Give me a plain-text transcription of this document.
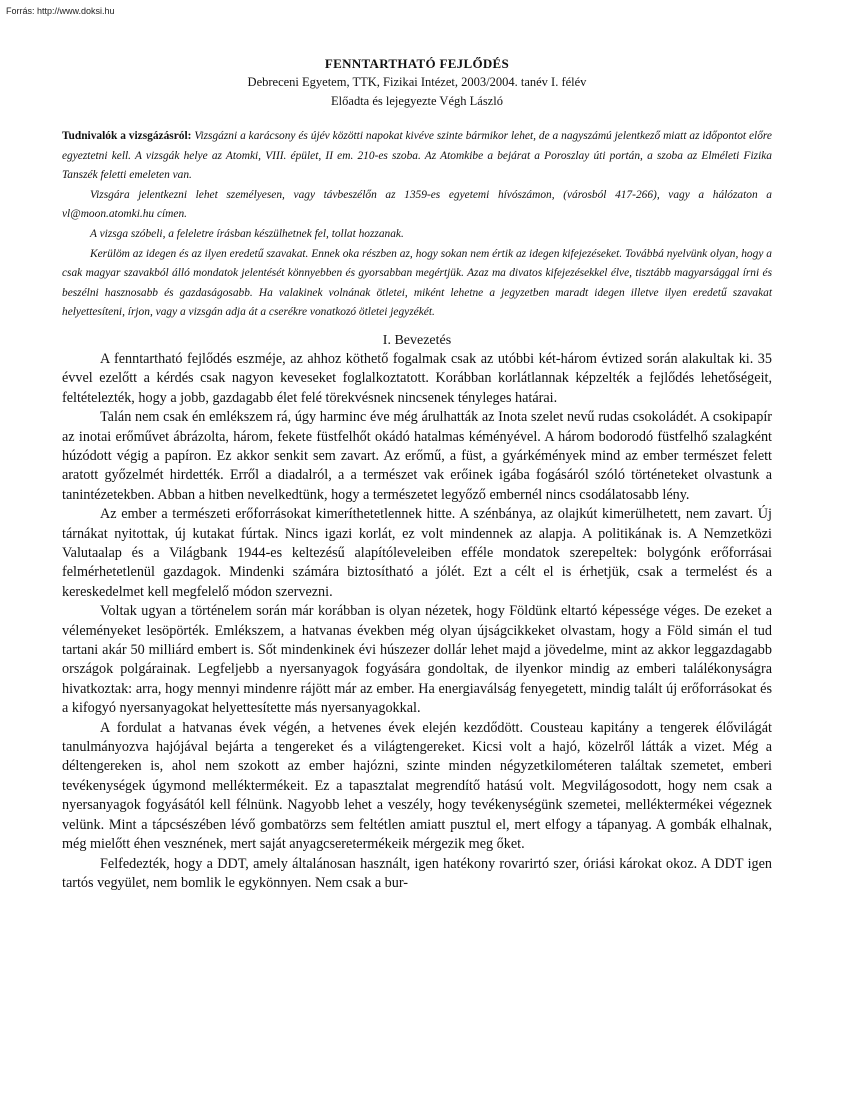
Forrás: http://www.doksi.hu

FENNTARTHATÓ FEJLŐDÉS

Debreceni Egyetem, TTK, Fizikai Intézet, 2003/2004. tanév I. félév

Előadta és lejegyezte Végh László

Tudnivalók a vizsgázásról: Vizsgázni a karácsony és újév közötti napokat kivéve szinte bármikor lehet, de a nagyszámú jelentkező miatt az időpontot előre egyeztetni kell. A vizsgák helye az Atomki, VIII. épület, II em. 210-es szoba. Az Atomkibe a bejárat a Poroszlay úti portán, a szoba az Elméleti Fizika Tanszék feletti emeleten van.

Vizsgára jelentkezni lehet személyesen, vagy távbeszélőn az 1359-es egyetemi hívószámon, (városból 417-266), vagy a hálózaton a vl@moon.atomki.hu címen.

A vizsga szóbeli, a feleletre írásban készülhetnek fel, tollat hozzanak.

Kerülöm az idegen és az ilyen eredetű szavakat. Ennek oka részben az, hogy sokan nem értik az idegen kifejezéseket. Továbbá nyelvünk olyan, hogy a csak magyar szavakból álló mondatok jelentését könnyebben és gyorsabban megértjük. Azaz ma divatos kifejezésekkel élve, tisztább magyarsággal írni és beszélni hasznosabb és gazdaságosabb. Ha valakinek volnának ötletei, miként lehetne a jegyzetben maradt idegen illetve ilyen eredetű szavakat helyettesíteni, írjon, vagy a vizsgán adja át a cserékre vonatkozó ötletei jegyzékét.

I. Bevezetés

A fenntartható fejlődés eszméje, az ahhoz köthető fogalmak csak az utóbbi két-három évtized során alakultak ki. 35 évvel ezelőtt a kérdés csak nagyon keveseket foglalkoztatott. Korábban korlátlannak képzelték a fejlődés lehetőségeit, feltételezték, hogy a jobb, gazdagabb élet felé törekvésnek nincsenek tényleges határai.

Talán nem csak én emlékszem rá, úgy harminc éve még árulhatták az Inota szelet nevű rudas csokoládét. A csokipapír az inotai erőművet ábrázolta, három, fekete füstfelhőt okádó hatalmas kéményével. A három bodorodó füstfelhő szalagként húzódott végig a papíron. Ez akkor senkit sem zavart. Az erőmű, a füst, a gyárkémények mind az ember természet felett aratott győzelmét hirdették. Erről a diadalról, a a természet vak erőinek igába fogásáról szóló történeteket olvastunk a tanintézetekben. Abban a hitben nevelkedtünk, hogy a természetet legyőző embernél nincs csodálatosabb lény.

Az ember a természeti erőforrásokat kimeríthetetlennek hitte. A szénbánya, az olajkút kimerülhetett, nem zavart. Új tárnákat nyitottak, új kutakat fúrtak. Nincs igazi korlát, ez volt mindennek az alapja. A politikának is. A Nemzetközi Valutaalap és a Világbank 1944-es keltezésű alapítóleveleiben efféle mondatok szerepeltek: bolygónk erőforrásai felmérhetetlenül gazdagok. Mindenki számára biztosítható a jólét. Ezt a célt el is érhetjük, csak a termelést és a kereskedelmet kell megfelelő módon szervezni.

Voltak ugyan a történelem során már korábban is olyan nézetek, hogy Földünk eltartó képessége véges. De ezeket a véleményeket lesöpörték. Emlékszem, a hatvanas években még olyan újságcikkeket olvastam, hogy a Föld simán el tud tartani akár 50 milliárd embert is. Sőt mindenkinek évi húszezer dollár lehet majd a jövedelme, mint az akkor leggazdagabb országok polgárainak. Legfeljebb a nyersanyagok fogyására gondoltak, de ilyenkor mindig az emberi találékonyságra hivatkoztak: arra, hogy mennyi mindenre rájött már az ember. Ha energiaválság fenyegetett, mindig talált új erőforrásokat és a kifogyó nyersanyagokat helyettesítette más nyersanyagokkal.

A fordulat a hatvanas évek végén, a hetvenes évek elején kezdődött. Cousteau kapitány a tengerek élővilágát tanulmányozva hajójával bejárta a tengereket és a világtengereket. Kicsi volt a hajó, közelről látták a vizet. Még a déltengereken is, ahol nem szokott az ember hajózni, szinte minden négyzetkilométeren találtak szemetet, emberi tevékenységek úgymond melléktermékeit. Ez a tapasztalat megrendítő hatású volt. Megvilágosodott, hogy nem csak a nyersanyagok fogyásától kell félnünk. Nagyobb lehet a veszély, hogy tevékenységünk szemetei, melléktermékei végeznek velünk. Mint a tápcsészében lévő gombatörzs sem feltétlen amiatt pusztul el, mert elfogy a tápanyag. A gombák elhalnak, még mielőtt éhen vesznének, mert saját anyagcseretermékeik mérgezik meg őket.

Felfedezték, hogy a DDT, amely általánosan használt, igen hatékony rovarirtó szer, óriási károkat okoz. A DDT igen tartós vegyület, nem bomlik le egykönnyen. Nem csak a bur-
